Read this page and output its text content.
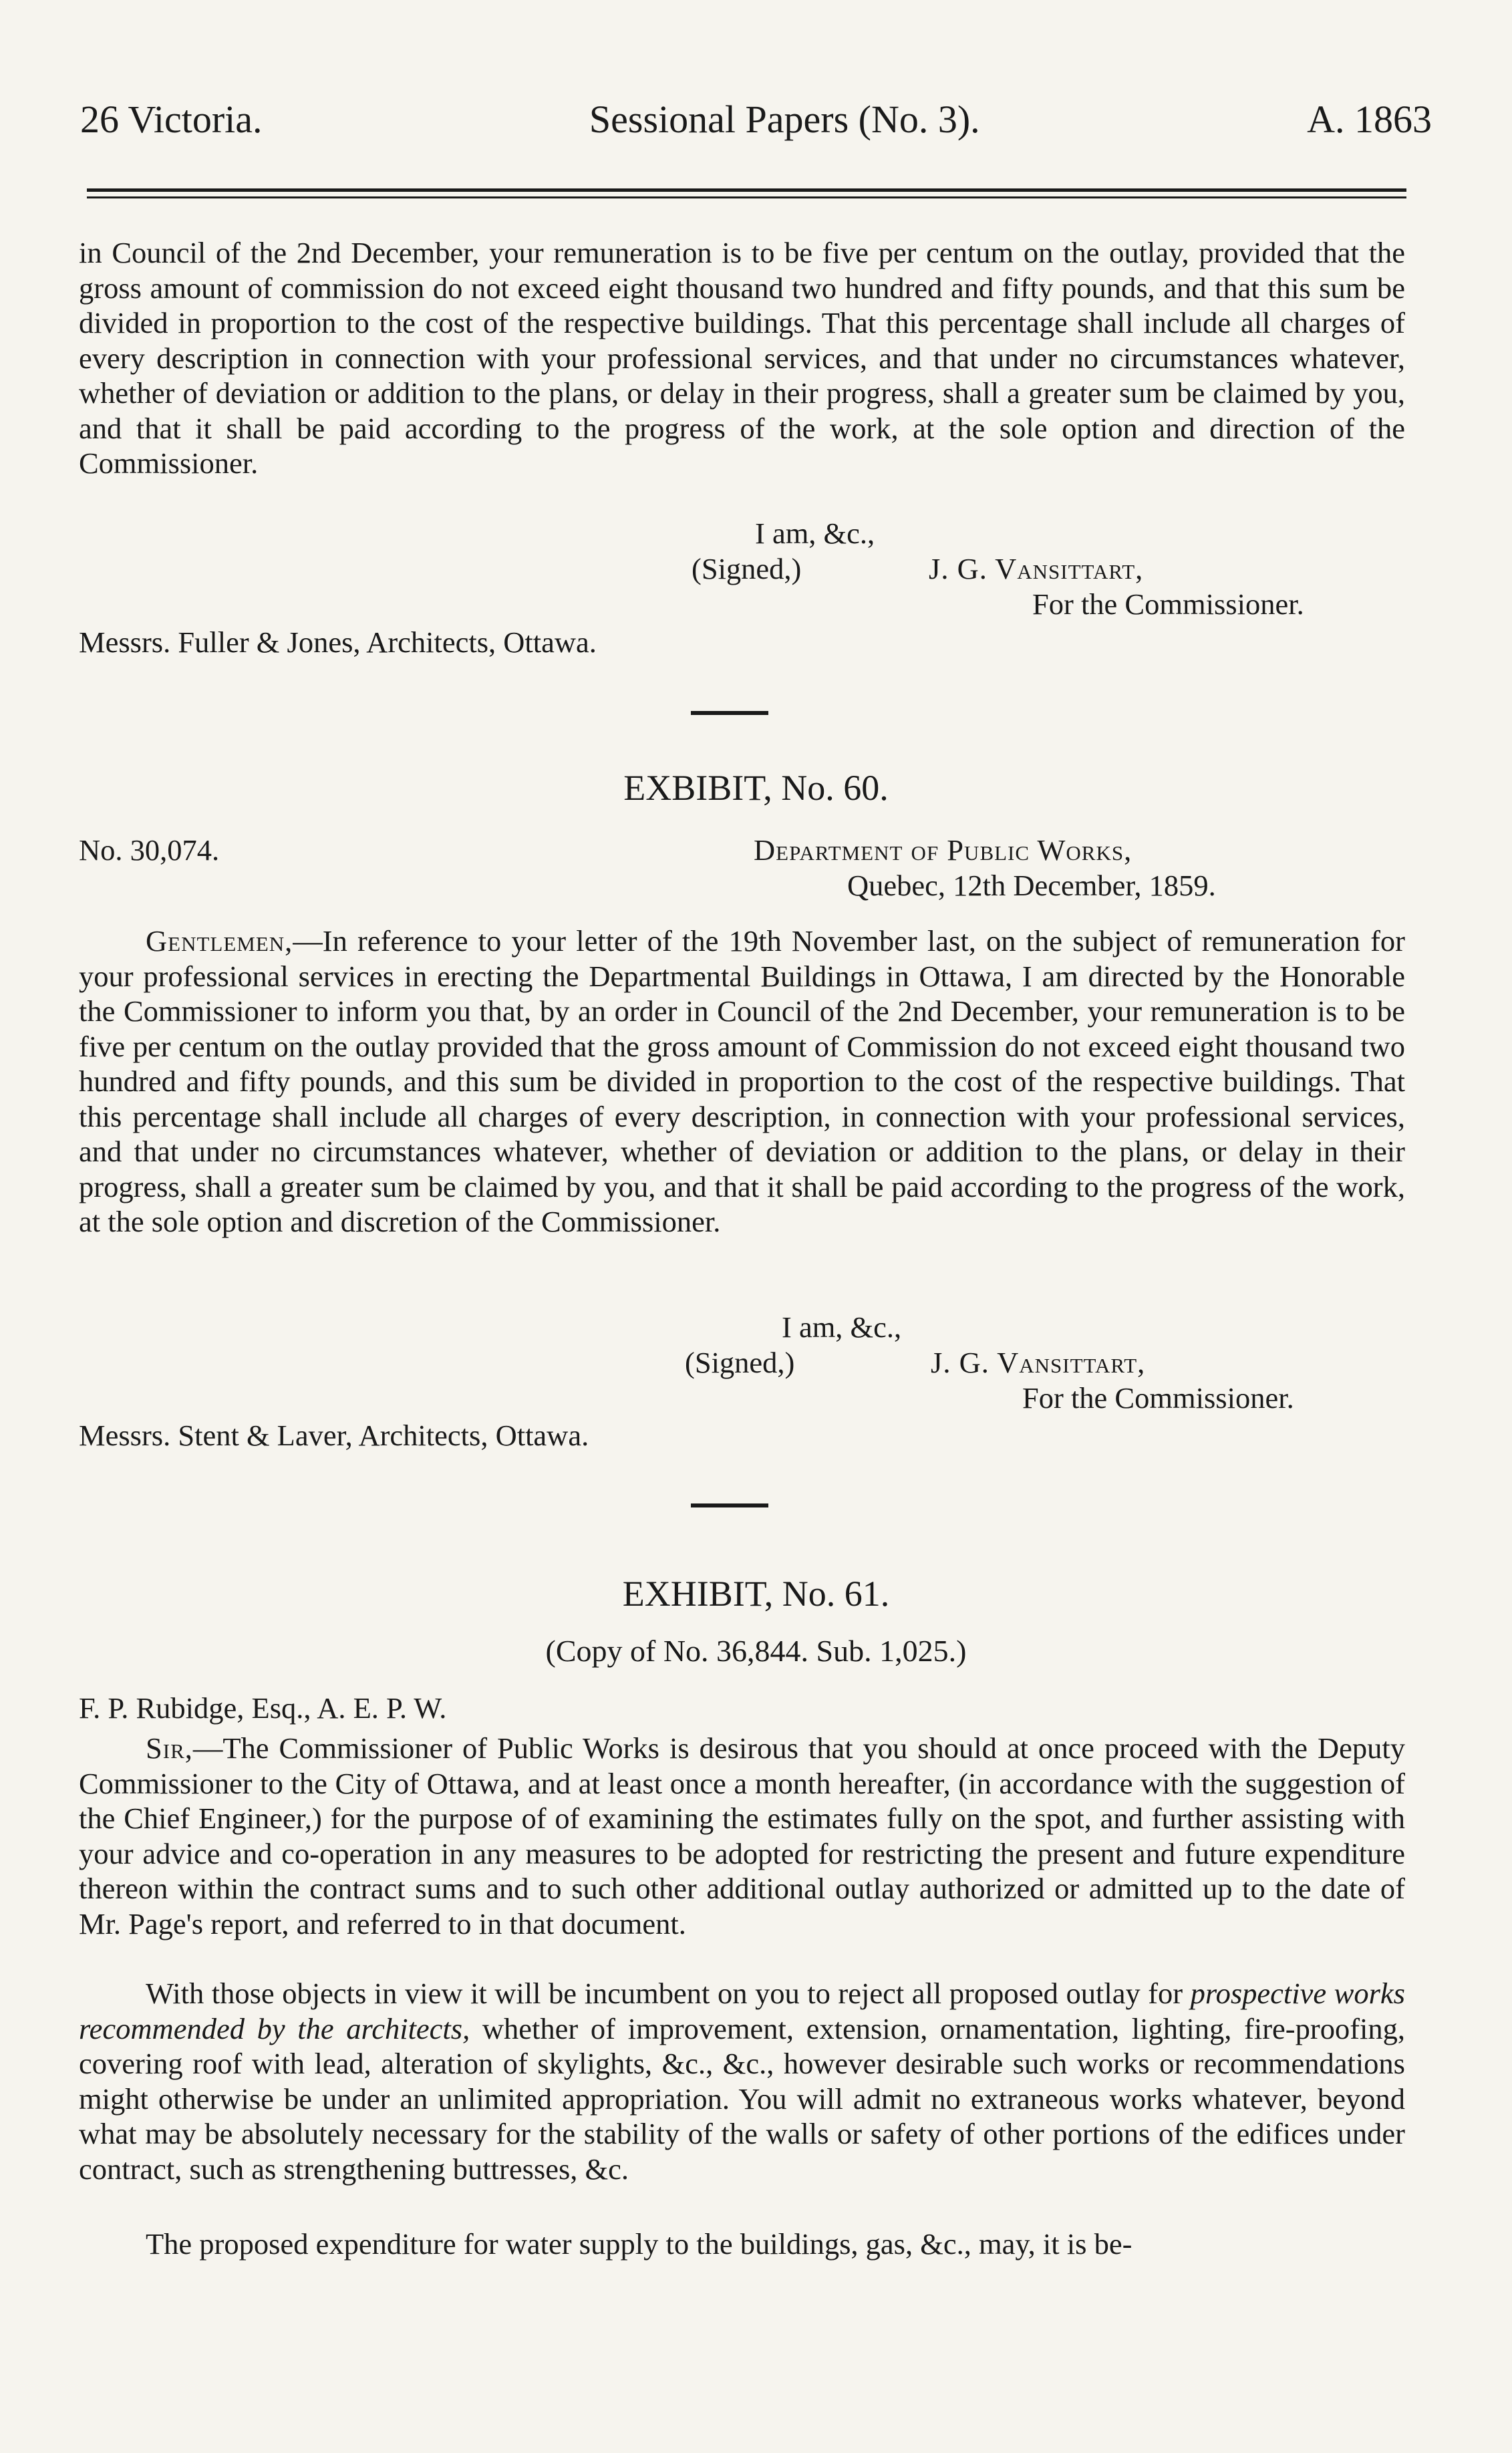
26 Victoria.	Sessional Papers (No. 3).	A. 1863

in Council of the 2nd December, your remuneration is to be five per centum on the outlay, provided that the gross amount of commission do not exceed eight thousand two hundred and fifty pounds, and that this sum be divided in proportion to the cost of the respective buildings. That this percentage shall include all charges of every description in connection with your professional services, and that under no circumstances whatever, whether of deviation or addition to the plans, or delay in their progress, shall a greater sum be claimed by you, and that it shall be paid according to the progress of the work, at the sole option and direction of the Commissioner.

I am, &c.,
(Signed,)	J. G. Vansittart,
For the Commissioner.
Messrs. Fuller & Jones, Architects, Ottawa.
EXBIBIT, No. 60.
No. 30,074.	Department of Public Works,
Quebec, 12th December, 1859.

Gentlemen,—In reference to your letter of the 19th November last, on the subject of remuneration for your professional services in erecting the Departmental Buildings in Ottawa, I am directed by the Honorable the Commissioner to inform you that, by an order in Council of the 2nd December, your remuneration is to be five per centum on the outlay provided that the gross amount of Commission do not exceed eight thousand two hundred and fifty pounds, and this sum be divided in proportion to the cost of the respective buildings. That this percentage shall include all charges of every description, in connection with your professional services, and that under no circumstances whatever, whether of deviation or addition to the plans, or delay in their progress, shall a greater sum be claimed by you, and that it shall be paid according to the progress of the work, at the sole option and discretion of the Commissioner.

I am, &c.,
(Signed,)	J. G. Vansittart,
For the Commissioner.
Messrs. Stent & Laver, Architects, Ottawa.
EXHIBIT, No. 61.
(Copy of No. 36,844. Sub. 1,025.)
F. P. Rubidge, Esq., A. E. P. W.

Sir,—The Commissioner of Public Works is desirous that you should at once proceed with the Deputy Commissioner to the City of Ottawa, and at least once a month hereafter, (in accordance with the suggestion of the Chief Engineer,) for the purpose of of examining the estimates fully on the spot, and further assisting with your advice and co-operation in any measures to be adopted for restricting the present and future expenditure thereon within the contract sums and to such other additional outlay authorized or admitted up to the date of Mr. Page's report, and referred to in that document.

With those objects in view it will be incumbent on you to reject all proposed outlay for prospective works recommended by the architects, whether of improvement, extension, ornamentation, lighting, fire-proofing, covering roof with lead, alteration of skylights, &c., &c., however desirable such works or recommendations might otherwise be under an unlimited appropriation. You will admit no extraneous works whatever, beyond what may be absolutely necessary for the stability of the walls or safety of other portions of the edifices under contract, such as strengthening buttresses, &c.

The proposed expenditure for water supply to the buildings, gas, &c., may, it is be-
